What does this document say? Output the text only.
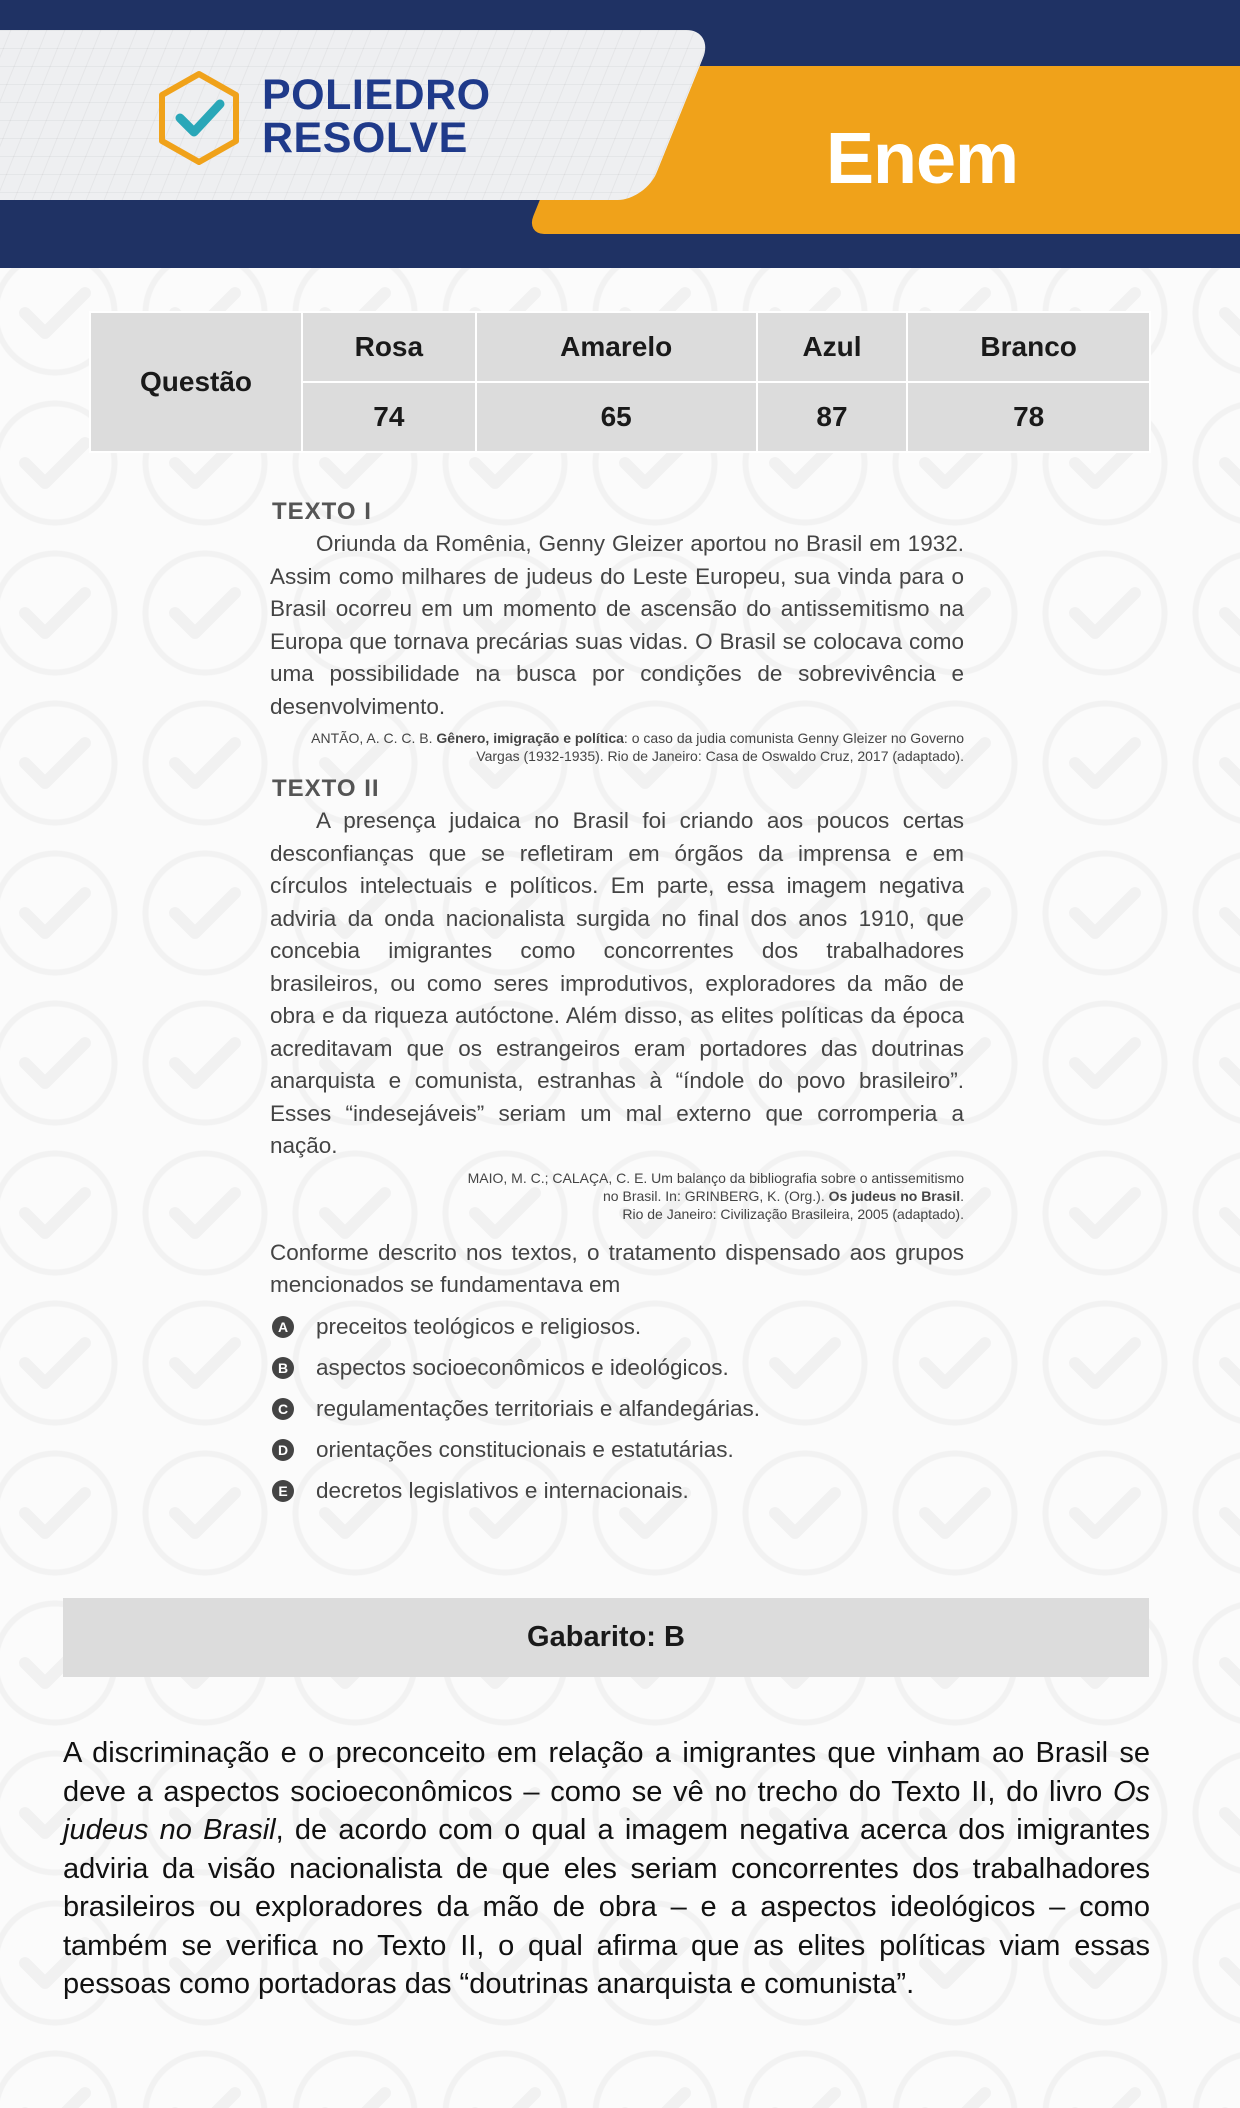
POLIEDRO
RESOLVE	Enem
Questão	Rosa	Amarelo	Azul	Branco
	74	65	87	78
TEXTO I

Oriunda da Romênia, Genny Gleizer aportou no Brasil em 1932. Assim como milhares de judeus do Leste Europeu, sua vinda para o Brasil ocorreu em um momento de ascensão do antissemitismo na Europa que tornava precárias suas vidas. O Brasil se colocava como uma possibilidade na busca por condições de sobrevivência e desenvolvimento.

ANTÃO, A. C. C. B. Gênero, imigração e política: o caso da judia comunista Genny Gleizer no Governo Vargas (1932-1935). Rio de Janeiro: Casa de Oswaldo Cruz, 2017 (adaptado).
TEXTO II

A presença judaica no Brasil foi criando aos poucos certas desconfianças que se refletiram em órgãos da imprensa e em círculos intelectuais e políticos. Em parte, essa imagem negativa adviria da onda nacionalista surgida no final dos anos 1910, que concebia imigrantes como concorrentes dos trabalhadores brasileiros, ou como seres improdutivos, exploradores da mão de obra e da riqueza autóctone. Além disso, as elites políticas da época acreditavam que os estrangeiros eram portadores das doutrinas anarquista e comunista, estranhas à “índole do povo brasileiro”. Esses “indesejáveis” seriam um mal externo que corromperia a nação.

MAIO, M. C.; CALAÇA, C. E. Um balanço da bibliografia sobre o antissemitismo
no Brasil. In: GRINBERG, K. (Org.). Os judeus no Brasil.
Rio de Janeiro: Civilização Brasileira, 2005 (adaptado).

Conforme descrito nos textos, o tratamento dispensado aos grupos mencionados se fundamentava em

A preceitos teológicos e religiosos.
B aspectos socioeconômicos e ideológicos.
C regulamentações territoriais e alfandegárias.
D orientações constitucionais e estatutárias.
E decretos legislativos e internacionais.
Gabarito: B
A discriminação e o preconceito em relação a imigrantes que vinham ao Brasil se deve a aspectos socioeconômicos – como se vê no trecho do Texto II, do livro Os judeus no Brasil, de acordo com o qual a imagem negativa acerca dos imigrantes adviria da visão nacionalista de que eles seriam concorrentes dos trabalhadores brasileiros ou exploradores da mão de obra – e a aspectos ideológicos – como também se verifica no Texto II, o qual afirma que as elites políticas viam essas pessoas como portadoras das “doutrinas anarquista e comunista”.
